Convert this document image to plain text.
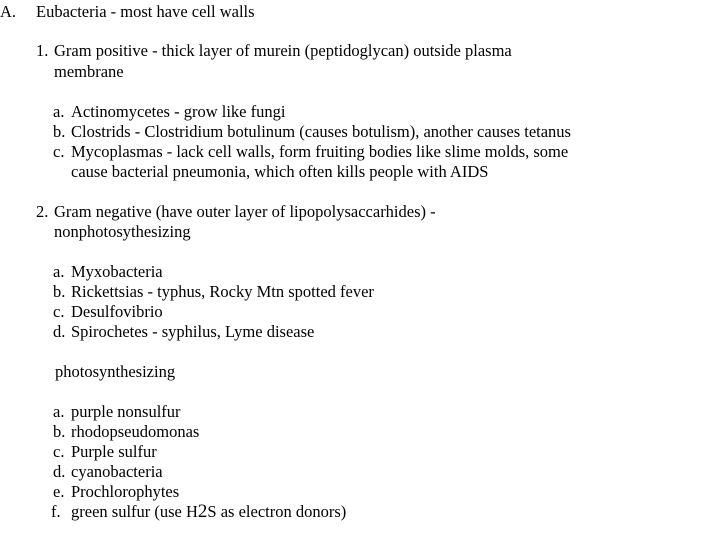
A. Eubacteria - most have cell walls
1. Gram positive - thick layer of murein (peptidoglycan) outside plasma
membrane
a. Actinomycetes - grow like fungi
b. Clostrids - Clostridium botulinum (causes botulism), another causes tetanus
c. Mycoplasmas - lack cell walls, form fruiting bodies like slime molds, some
cause bacterial pneumonia, which often kills people with AIDS
2. Gram negative (have outer layer of lipopolysaccarhides) -
nonphotosythesizing
a. Myxobacteria
b. Rickettsias - typhus, Rocky Mtn spotted fever
c. Desulfovibrio
d. Spirochetes - syphilus, Lyme disease
photosynthesizing
a. purple nonsulfur
b. rhodopseudomonas
c. Purple sulfur
d. cyanobacteria
e. Prochlorophytes
f. green sulfur (use H2S as electron donors)
